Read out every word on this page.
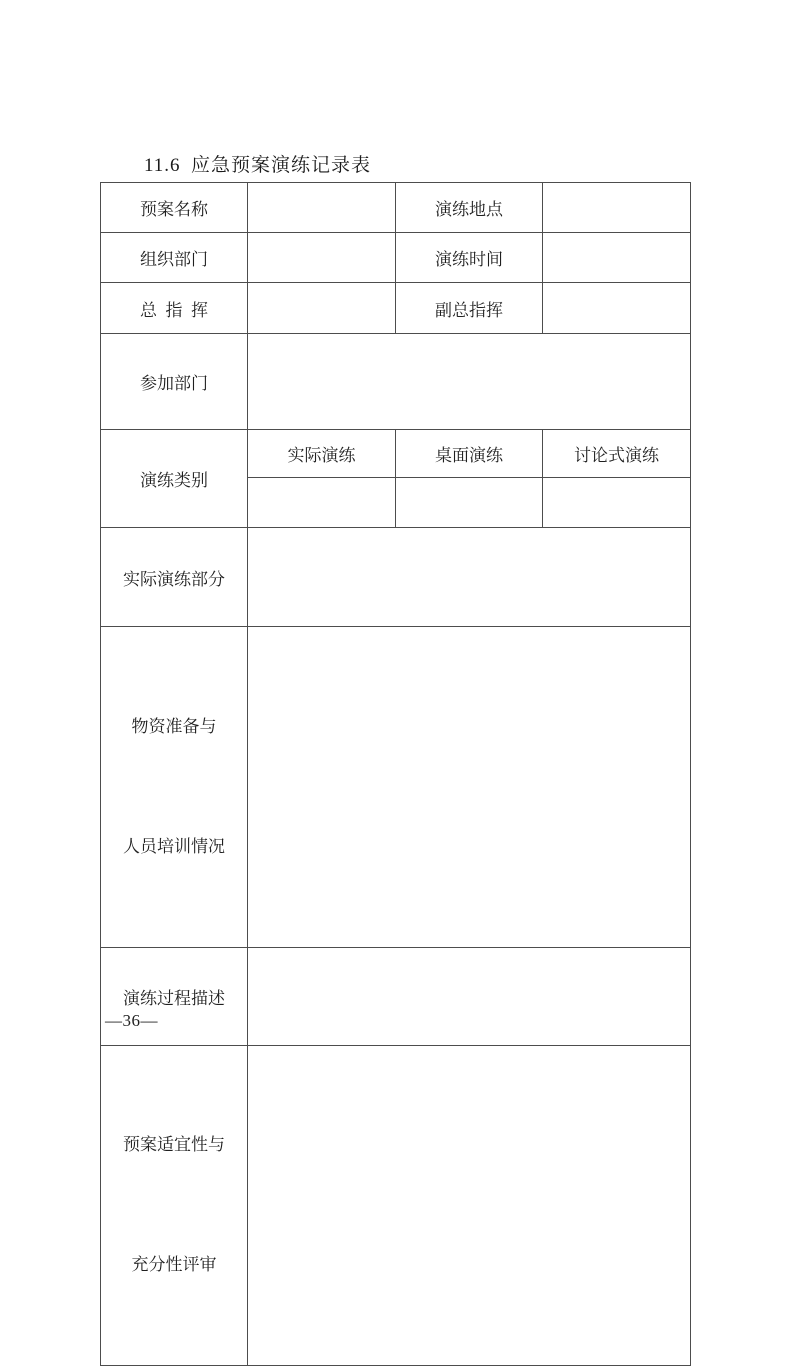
11.6 应急预案演练记录表
预案名称		演练地点	
组织部门		演练时间	
总 指 挥		副总指挥	
参加部门			
演练类别	实际演练	桌面演练	讨论式演练

实际演练部分			

物资准备与

人员培训情况			

演练过程描述			

预案适宜性与

充分性评审			

—36—
